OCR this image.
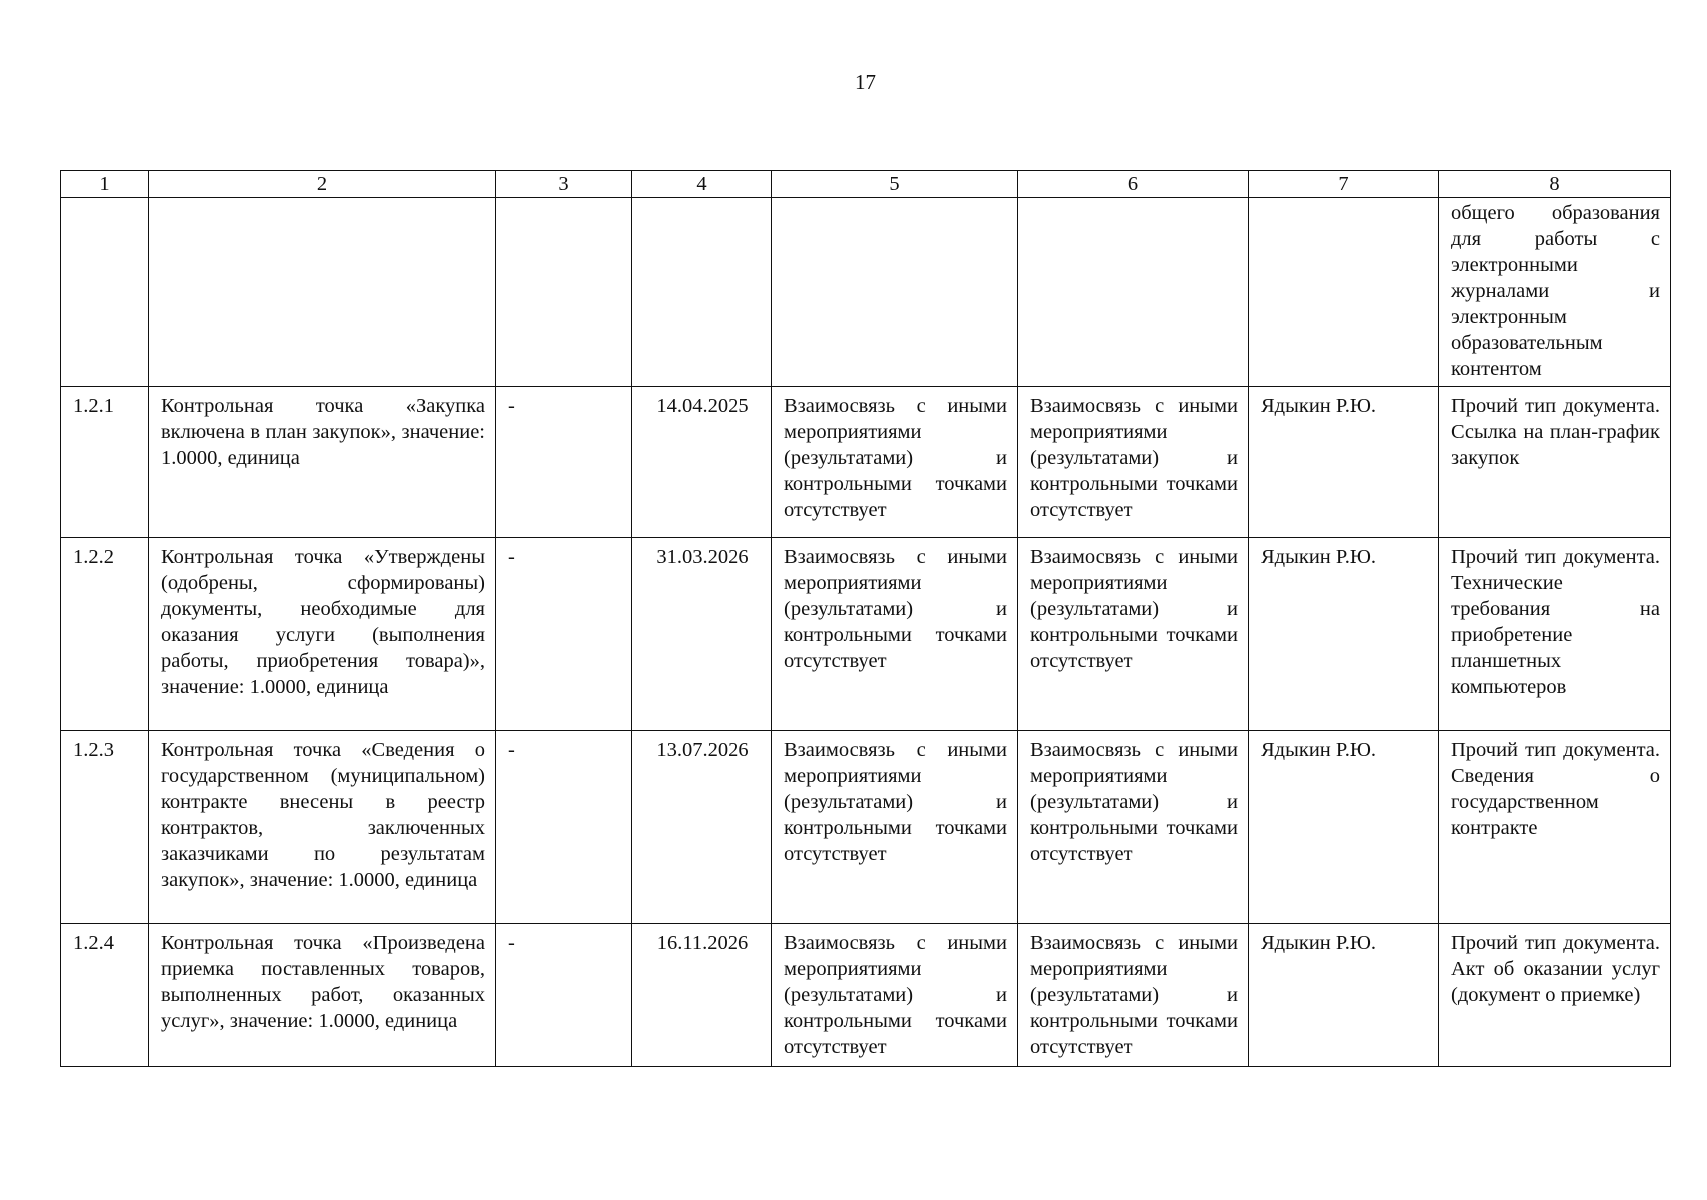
17
1	2	3	4	5	6	7	8
							общего образования для работы с электронными журналами и электронным образовательным контентом
1.2.1	Контрольная точка «Закупка включена в план закупок», значение: 1.0000, единица	-	14.04.2025	Взаимосвязь с иными мероприятиями (результатами) и контрольными точками отсутствует	Взаимосвязь с иными мероприятиями (результатами) и контрольными точками отсутствует	Ядыкин Р.Ю.	Прочий тип документа. Ссылка на план-график закупок
1.2.2	Контрольная точка «Утверждены (одобрены, сформированы) документы, необходимые для оказания услуги (выполнения работы, приобретения товара)», значение: 1.0000, единица	-	31.03.2026	Взаимосвязь с иными мероприятиями (результатами) и контрольными точками отсутствует	Взаимосвязь с иными мероприятиями (результатами) и контрольными точками отсутствует	Ядыкин Р.Ю.	Прочий тип документа. Технические требования на приобретение планшетных компьютеров
1.2.3	Контрольная точка «Сведения о государственном (муниципальном) контракте внесены в реестр контрактов, заключенных заказчиками по результатам закупок», значение: 1.0000, единица	-	13.07.2026	Взаимосвязь с иными мероприятиями (результатами) и контрольными точками отсутствует	Взаимосвязь с иными мероприятиями (результатами) и контрольными точками отсутствует	Ядыкин Р.Ю.	Прочий тип документа. Сведения о государственном контракте
1.2.4	Контрольная точка «Произведена приемка поставленных товаров, выполненных работ, оказанных услуг», значение: 1.0000, единица	-	16.11.2026	Взаимосвязь с иными мероприятиями (результатами) и контрольными точками отсутствует	Взаимосвязь с иными мероприятиями (результатами) и контрольными точками отсутствует	Ядыкин Р.Ю.	Прочий тип документа. Акт об оказании услуг (документ о приемке)
